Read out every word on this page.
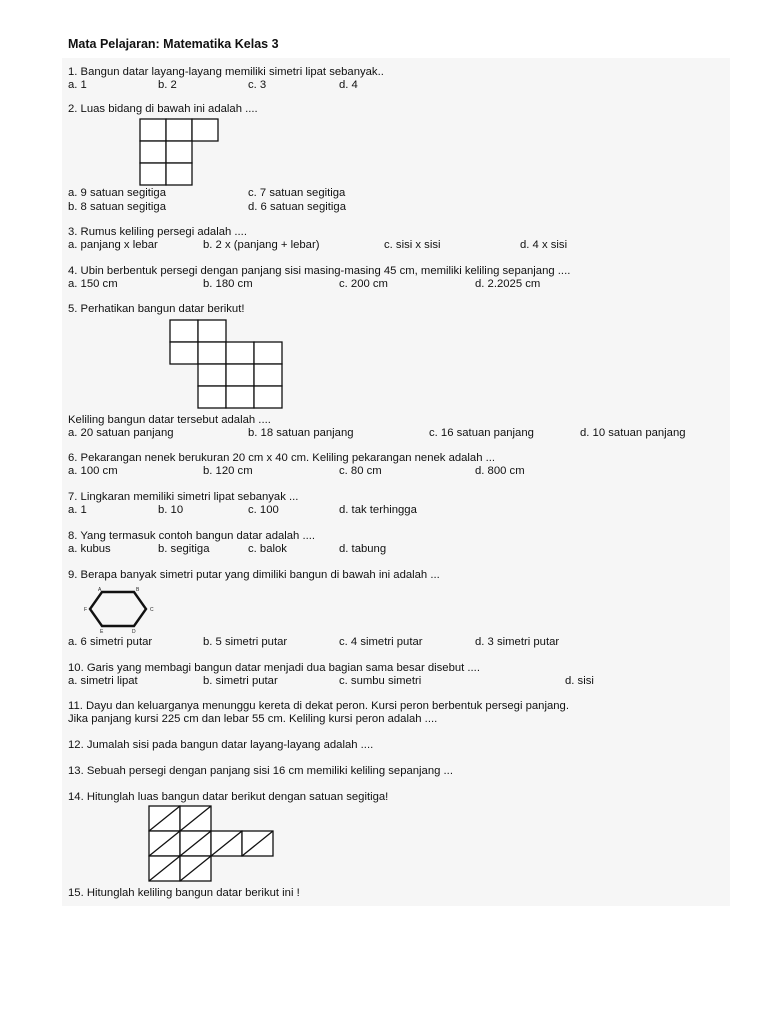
Mata Pelajaran: Matematika Kelas 3
1. Bangun datar layang-layang memiliki simetri lipat sebanyak..
a. 1	b. 2	c. 3	d. 4
2. Luas bidang di bawah ini adalah ....
a. 9 satuan segitiga	c. 7 satuan segitiga
b. 8 satuan segitiga	d. 6 satuan segitiga
3. Rumus keliling persegi adalah ....
a. panjang x lebar	b. 2 x (panjang + lebar)	c. sisi x sisi	d. 4 x sisi
4. Ubin berbentuk persegi dengan panjang sisi masing-masing 45 cm, memiliki keliling sepanjang ....
a. 150 cm	b. 180 cm	c. 200 cm	d. 2.2025 cm
5. Perhatikan bangun datar berikut!
Keliling bangun datar tersebut adalah ....
a. 20 satuan panjang	b. 18 satuan panjang	c. 16 satuan panjang	d. 10 satuan panjang
6. Pekarangan nenek berukuran 20 cm x 40 cm. Keliling pekarangan nenek adalah ...
a. 100 cm	b. 120 cm	c. 80 cm	d. 800 cm
7. Lingkaran memiliki simetri lipat sebanyak ...
a. 1	b. 10	c. 100	d. tak terhingga
8. Yang termasuk contoh bangun datar adalah ....
a. kubus	b. segitiga	c. balok	d. tabung
9. Berapa banyak simetri putar yang dimiliki bangun di bawah ini adalah ...
A	B
C
D
E
F
a. 6 simetri putar	b. 5 simetri putar	c. 4 simetri putar	d. 3 simetri putar
10. Garis yang membagi bangun datar menjadi dua bagian sama besar disebut ....
a. simetri lipat	b. simetri putar	c. sumbu simetri	d. sisi
11. Dayu dan keluarganya menunggu kereta di dekat peron. Kursi peron berbentuk persegi panjang.
Jika panjang kursi 225 cm dan lebar 55 cm. Keliling kursi peron adalah ....
12. Jumalah sisi pada bangun datar layang-layang adalah ....
13. Sebuah persegi dengan panjang sisi 16 cm memiliki keliling sepanjang ...
14. Hitunglah luas bangun datar berikut dengan satuan segitiga!
15. Hitunglah keliling bangun datar berikut ini !
